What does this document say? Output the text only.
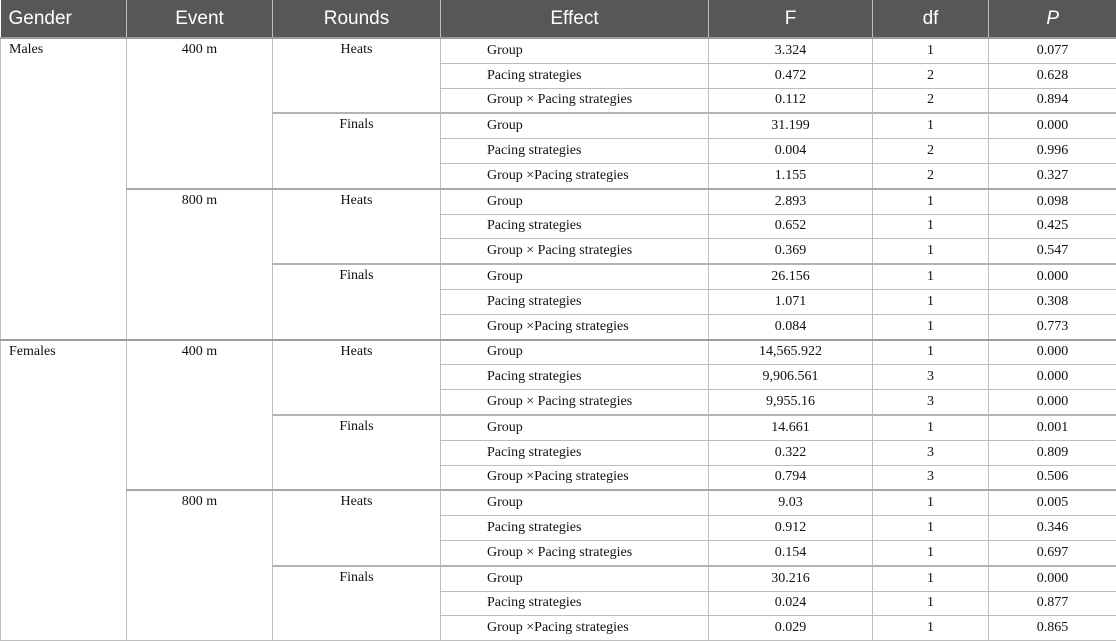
Gender	Event	Rounds	Effect	F	df	P
Males	400 m	Heats	Group	3.324	1	0.077
			Pacing strategies	0.472	2	0.628
			Group × Pacing strategies	0.112	2	0.894
		Finals	Group	31.199	1	0.000
			Pacing strategies	0.004	2	0.996
			Group ×Pacing strategies	1.155	2	0.327
	800 m	Heats	Group	2.893	1	0.098
			Pacing strategies	0.652	1	0.425
			Group × Pacing strategies	0.369	1	0.547
		Finals	Group	26.156	1	0.000
			Pacing strategies	1.071	1	0.308
			Group ×Pacing strategies	0.084	1	0.773
Females	400 m	Heats	Group	14,565.922	1	0.000
			Pacing strategies	9,906.561	3	0.000
			Group × Pacing strategies	9,955.16	3	0.000
		Finals	Group	14.661	1	0.001
			Pacing strategies	0.322	3	0.809
			Group ×Pacing strategies	0.794	3	0.506
	800 m	Heats	Group	9.03	1	0.005
			Pacing strategies	0.912	1	0.346
			Group × Pacing strategies	0.154	1	0.697
		Finals	Group	30.216	1	0.000
			Pacing strategies	0.024	1	0.877
			Group ×Pacing strategies	0.029	1	0.865
